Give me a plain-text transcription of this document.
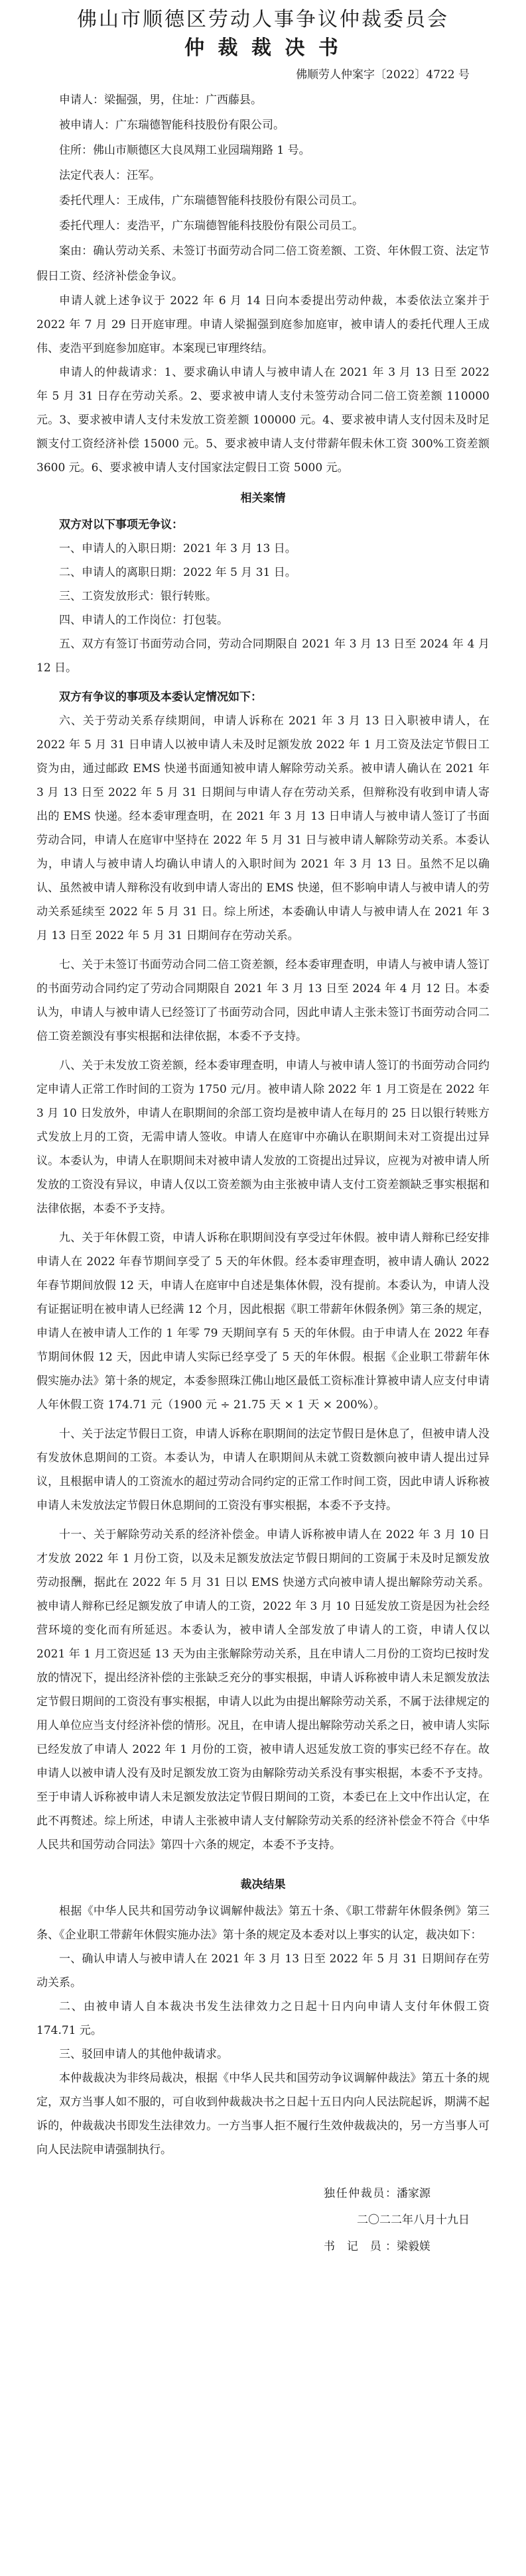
佛山市顺德区劳动人事争议仲裁委员会
仲 裁 裁 决 书
佛顺劳人仲案字〔2022〕4722 号

申请人：梁掘强，男，住址：广西藤县。

被申请人：广东瑞德智能科技股份有限公司。

住所：佛山市顺德区大良凤翔工业园瑞翔路 1 号。

法定代表人：汪军。

委托代理人：王成伟，广东瑞德智能科技股份有限公司员工。

委托代理人：麦浩平，广东瑞德智能科技股份有限公司员工。

案由：确认劳动关系、未签订书面劳动合同二倍工资差额、工资、年休假工资、法定节假日工资、经济补偿金争议。

申请人就上述争议于 2022 年 6 月 14 日向本委提出劳动仲裁，本委依法立案并于 2022 年 7 月 29 日开庭审理。申请人梁掘强到庭参加庭审，被申请人的委托代理人王成伟、麦浩平到庭参加庭审。本案现已审理终结。

申请人的仲裁请求：1、要求确认申请人与被申请人在 2021 年 3 月 13 日至 2022 年 5 月 31 日存在劳动关系。2、要求被申请人支付未签劳动合同二倍工资差额 110000 元。3、要求被申请人支付未发放工资差额 100000 元。4、要求被申请人支付因未及时足额支付工资经济补偿 15000 元。5、要求被申请人支付带薪年假未休工资 300%工资差额 3600 元。6、要求被申请人支付国家法定假日工资 5000 元。

相关案情

双方对以下事项无争议：

一、申请人的入职日期：2021 年 3 月 13 日。

二、申请人的离职日期：2022 年 5 月 31 日。

三、工资发放形式：银行转账。

四、申请人的工作岗位：打包装。

五、双方有签订书面劳动合同，劳动合同期限自 2021 年 3 月 13 日至 2024 年 4 月 12 日。

双方有争议的事项及本委认定情况如下：

六、关于劳动关系存续期间，申请人诉称在 2021 年 3 月 13 日入职被申请人，在 2022 年 5 月 31 日申请人以被申请人未及时足额发放 2022 年 1 月工资及法定节假日工资为由，通过邮政 EMS 快递书面通知被申请人解除劳动关系。被申请人确认在 2021 年 3 月 13 日至 2022 年 5 月 31 日期间与申请人存在劳动关系，但辩称没有收到申请人寄出的 EMS 快递。经本委审理查明，在 2021 年 3 月 13 日申请人与被申请人签订了书面劳动合同，申请人在庭审中坚持在 2022 年 5 月 31 日与被申请人解除劳动关系。本委认为，申请人与被申请人均确认申请人的入职时间为 2021 年 3 月 13 日。虽然不足以确认、虽然被申请人辩称没有收到申请人寄出的 EMS 快递，但不影响申请人与被申请人的劳动关系延续至 2022 年 5 月 31 日。综上所述，本委确认申请人与被申请人在 2021 年 3 月 13 日至 2022 年 5 月 31 日期间存在劳动关系。

七、关于未签订书面劳动合同二倍工资差额，经本委审理查明，申请人与被申请人签订的书面劳动合同约定了劳动合同期限自 2021 年 3 月 13 日至 2024 年 4 月 12 日。本委认为，申请人与被申请人已经签订了书面劳动合同，因此申请人主张未签订书面劳动合同二倍工资差额没有事实根据和法律依据，本委不予支持。

八、关于未发放工资差额，经本委审理查明，申请人与被申请人签订的书面劳动合同约定申请人正常工作时间的工资为 1750 元/月。被申请人除 2022 年 1 月工资是在 2022 年 3 月 10 日发放外，申请人在职期间的余部工资均是被申请人在每月的 25 日以银行转账方式发放上月的工资，无需申请人签收。申请人在庭审中亦确认在职期间未对工资提出过异议。本委认为，申请人在职期间未对被申请人发放的工资提出过异议，应视为对被申请人所发放的工资没有异议，申请人仅以工资差额为由主张被申请人支付工资差额缺乏事实根据和法律依据，本委不予支持。

九、关于年休假工资，申请人诉称在职期间没有享受过年休假。被申请人辩称已经安排申请人在 2022 年春节期间享受了 5 天的年休假。经本委审理查明，被申请人确认 2022 年春节期间放假 12 天，申请人在庭审中自述是集体休假，没有提前。本委认为，申请人没有证据证明在被申请人已经满 12 个月，因此根据《职工带薪年休假条例》第三条的规定，申请人在被申请人工作的 1 年零 79 天期间享有 5 天的年休假。由于申请人在 2022 年春节期间休假 12 天，因此申请人实际已经享受了 5 天的年休假。根据《企业职工带薪年休假实施办法》第十条的规定，本委参照珠江佛山地区最低工资标准计算被申请人应支付申请人年休假工资 174.71 元（1900 元 ÷ 21.75 天 × 1 天 × 200%）。

十、关于法定节假日工资，申请人诉称在职期间的法定节假日是休息了，但被申请人没有发放休息期间的工资。本委认为，申请人在职期间从未就工资数额向被申请人提出过异议，且根据申请人的工资流水的超过劳动合同约定的正常工作时间工资，因此申请人诉称被申请人未发放法定节假日休息期间的工资没有事实根据，本委不予支持。

十一、关于解除劳动关系的经济补偿金。申请人诉称被申请人在 2022 年 3 月 10 日才发放 2022 年 1 月份工资，以及未足额发放法定节假日期间的工资属于未及时足额发放劳动报酬，据此在 2022 年 5 月 31 日以 EMS 快递方式向被申请人提出解除劳动关系。被申请人辩称已经足额发放了申请人的工资，2022 年 3 月 10 日延发放工资是因为社会经营环境的变化而有所延迟。本委认为，被申请人全部发放了申请人的工资，申请人仅以 2021 年 1 月工资迟延 13 天为由主张解除劳动关系，且在申请人二月份的工资均已按时发放的情况下，提出经济补偿的主张缺乏充分的事实根据，申请人诉称被申请人未足额发放法定节假日期间的工资没有事实根据，申请人以此为由提出解除劳动关系，不属于法律规定的用人单位应当支付经济补偿的情形。况且，在申请人提出解除劳动关系之日，被申请人实际已经发放了申请人 2022 年 1 月份的工资，被申请人迟延发放工资的事实已经不存在。故申请人以被申请人没有及时足额发放工资为由解除劳动关系没有事实根据，本委不予支持。至于申请人诉称被申请人未足额发放法定节假日期间的工资，本委已在上文中作出认定，在此不再赘述。综上所述，申请人主张被申请人支付解除劳动关系的经济补偿金不符合《中华人民共和国劳动合同法》第四十六条的规定，本委不予支持。

裁决结果

根据《中华人民共和国劳动争议调解仲裁法》第五十条、《职工带薪年休假条例》第三条、《企业职工带薪年休假实施办法》第十条的规定及本委对以上事实的认定，裁决如下：

一、确认申请人与被申请人在 2021 年 3 月 13 日至 2022 年 5 月 31 日期间存在劳动关系。

二、由被申请人自本裁决书发生法律效力之日起十日内向申请人支付年休假工资 174.71 元。

三、驳回申请人的其他仲裁请求。

本仲裁裁决为非终局裁决，根据《中华人民共和国劳动争议调解仲裁法》第五十条的规定，双方当事人如不服的，可自收到仲裁裁决书之日起十五日内向人民法院起诉，期满不起诉的，仲裁裁决书即发生法律效力。一方当事人拒不履行生效仲裁裁决的，另一方当事人可向人民法院申请强制执行。

独任仲裁员： 潘家源
二〇二二年八月十九日
书 记 员： 梁毅媄
